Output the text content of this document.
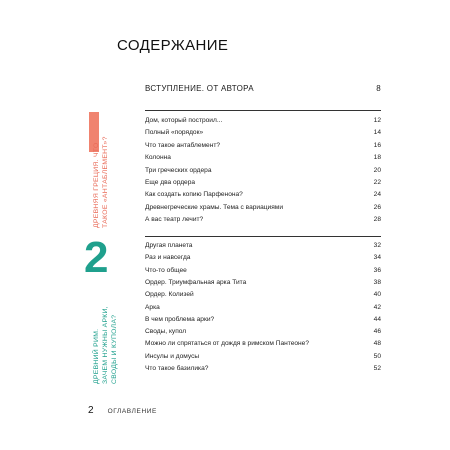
СОДЕРЖАНИЕ
ВСТУПЛЕНИЕ. ОТ АВТОРА	8
ДРЕВНЯЯ ГРЕЦИЯ. ЧТО ТАКОЕ «АНТАБЛЕМЕНТ»?
Дом, который построил...	12
Полный «порядок»	14
Что такое антаблемент?	16
Колонна	18
Три греческих ордера	20
Еще два ордера	22
Как создать копию Парфенона?	24
Древнегреческие храмы. Тема с вариациями	26
А вас театр лечит?	28
2
ДРЕВНИЙ РИМ. ЗАЧЕМ НУЖНЫ АРКИ, СВОДЫ И КУПОЛА?
Другая планета	32
Раз и навсегда	34
Что-то общее	36
Ордер. Триумфальная арка Тита	38
Ордер. Колизей	40
Арка	42
В чем проблема арки?	44
Своды, купол	46
Можно ли спрятаться от дождя в римском Пантеоне?	48
Инсулы и домусы	50
Что такое базилика?	52
2 ОГЛАВЛЕНИЕ
